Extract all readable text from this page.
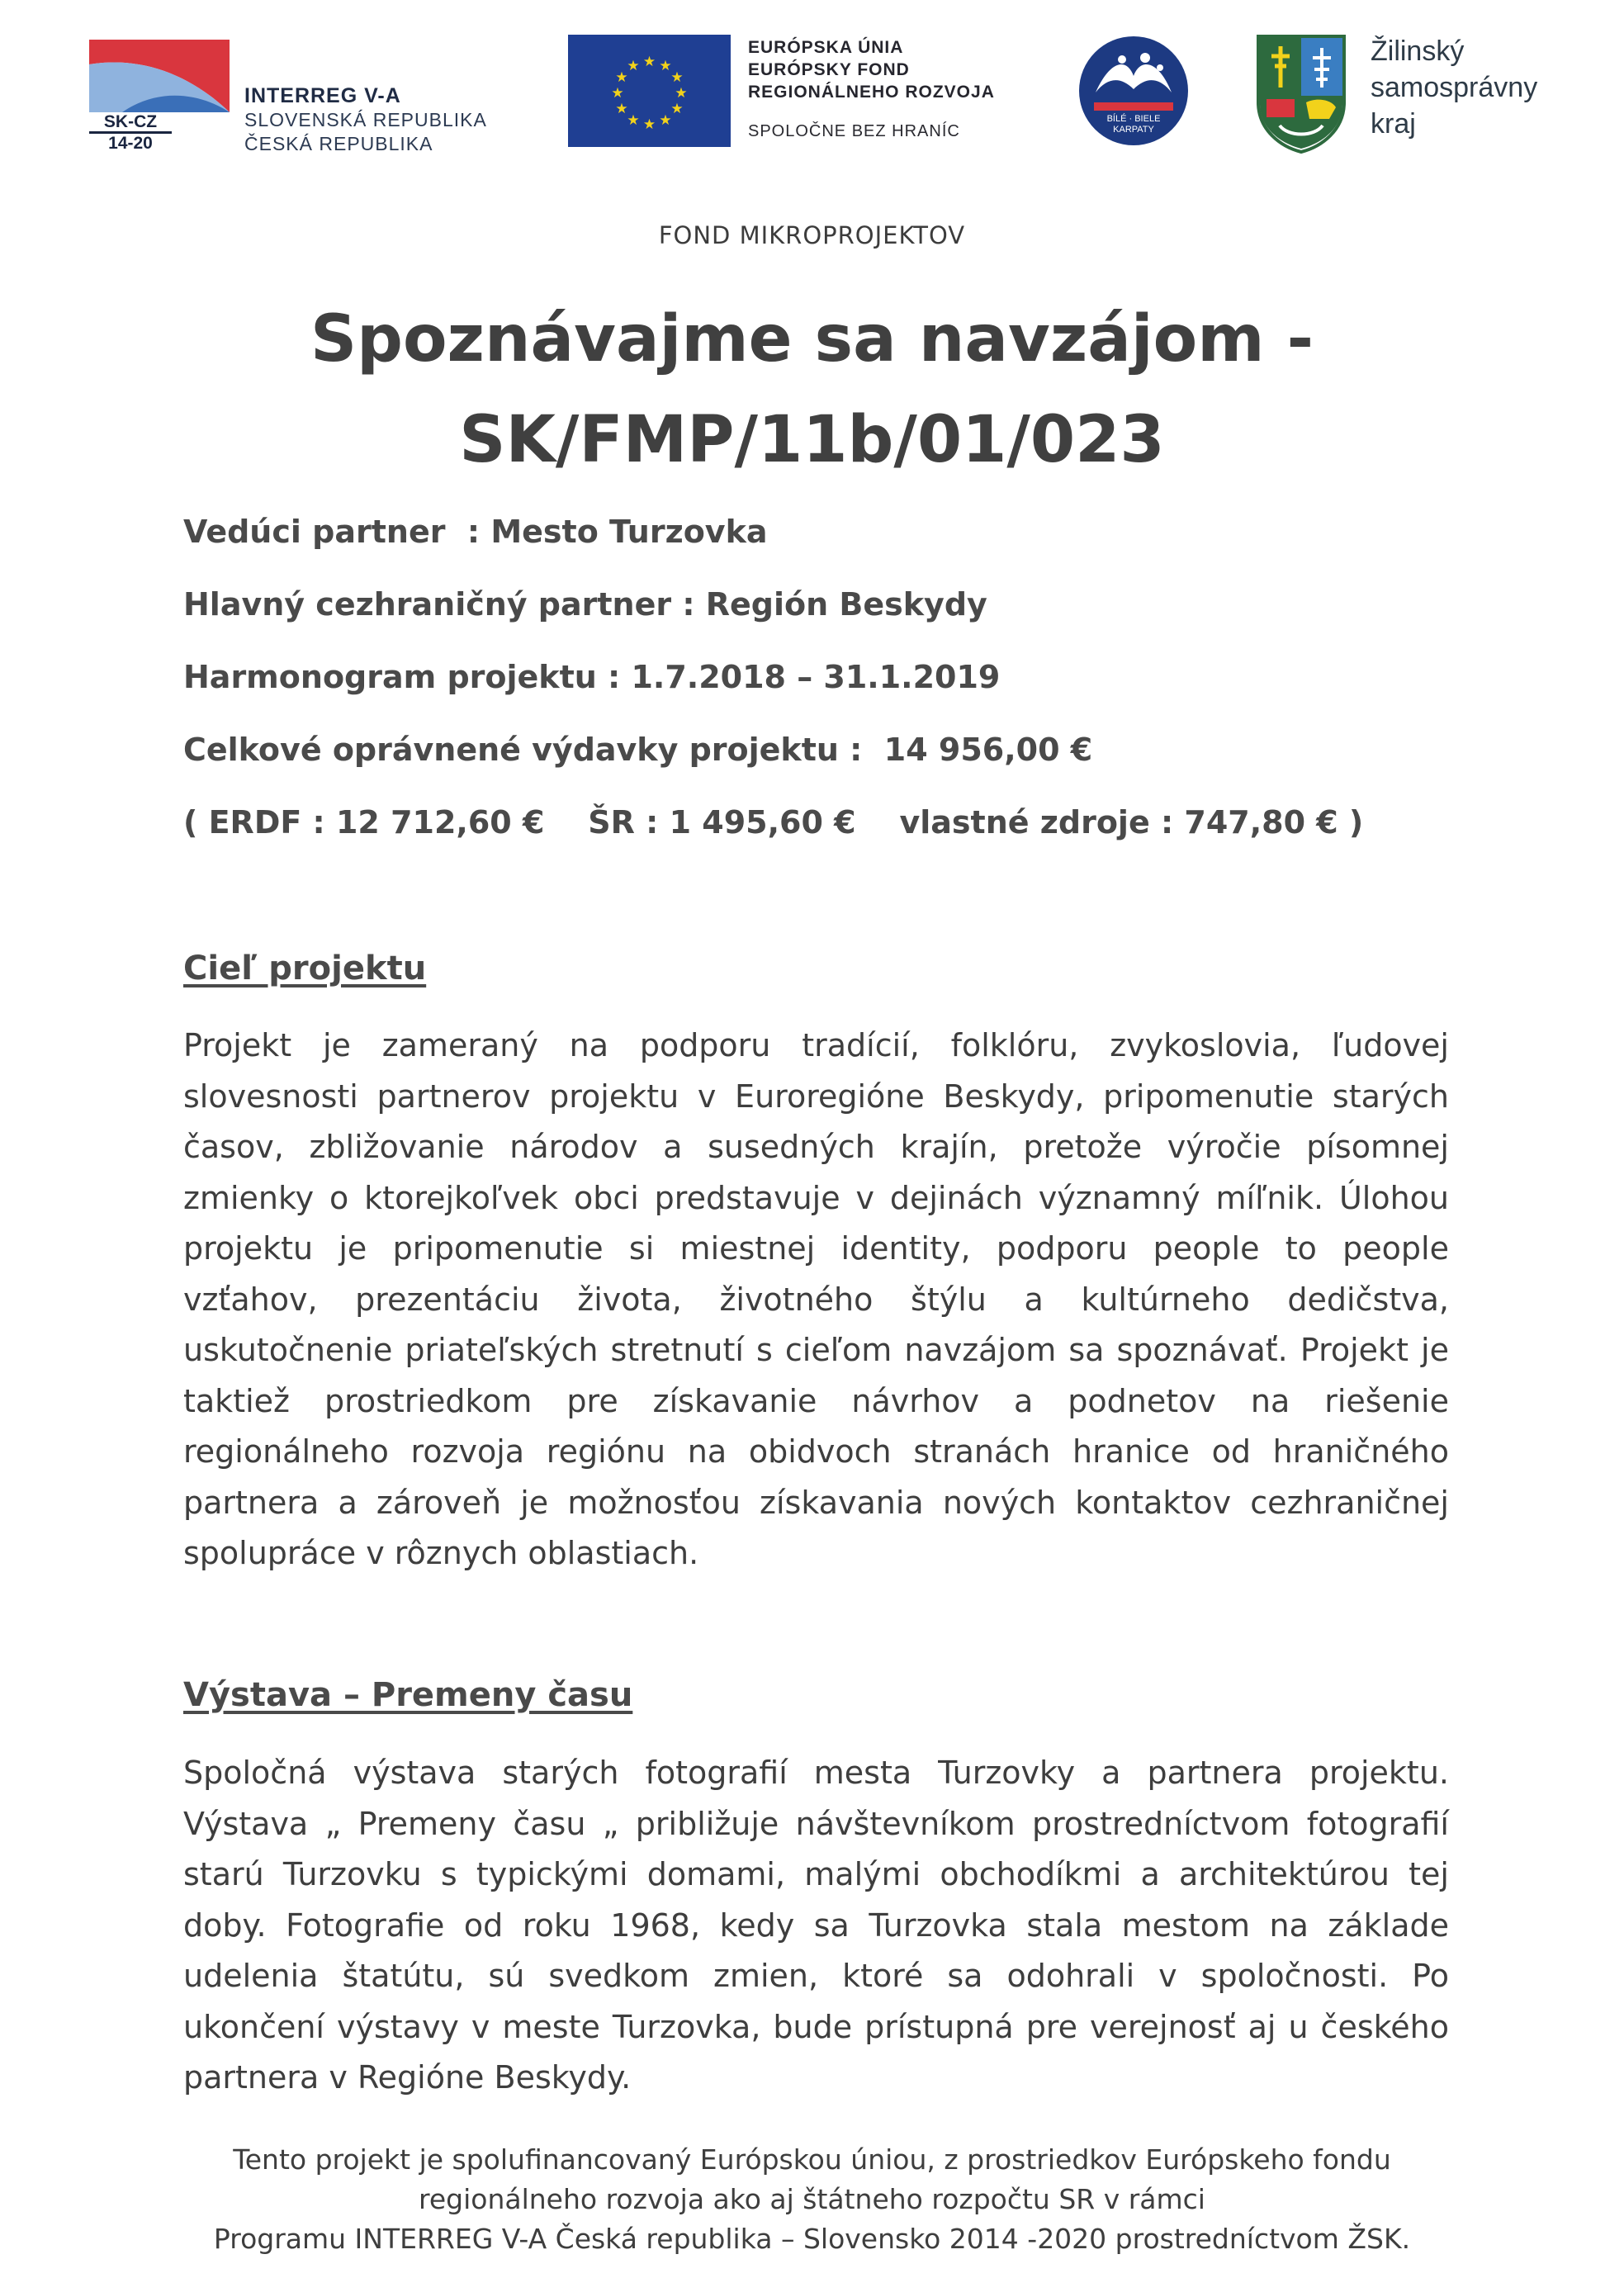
SK-CZ
14-20
INTERREG V-A
SLOVENSKÁ REPUBLIKA
ČESKÁ REPUBLIKA
★ ★
★
★
★
★
★
★
★
★
★
★
EURÓPSKA ÚNIA
EURÓPSKY FOND
REGIONÁLNEHO ROZVOJA
SPOLOČNE BEZ HRANÍC
BÍLÉ · BIELE
KARPATY
Žilinský
samosprávny
kraj
FOND MIKROPROJEKTOV
Spoznávajme sa navzájom -
SK/FMP/11b/01/023
Vedúci partner  : Mesto Turzovka
Hlavný cezhraničný partner : Región Beskydy
Harmonogram projektu : 1.7.2018 – 31.1.2019
Celkové oprávnené výdavky projektu :  14 956,00 €
( ERDF : 12 712,60 €    ŠR : 1 495,60 €    vlastné zdroje : 747,80 € )
Cieľ projektu
Projekt je zameraný na podporu tradícií, folklóru, zvykoslovia, ľudovej slovesnosti partnerov projektu v Euroregióne Beskydy, pripomenutie starých časov, zbližovanie národov a susedných krajín, pretože výročie písomnej zmienky o ktorejkoľvek obci predstavuje v dejinách významný míľnik. Úlohou projektu je pripomenutie si miestnej identity, podporu people to people vzťahov, prezentáciu života, životného štýlu a kultúrneho dedičstva, uskutočnenie priateľských stretnutí s cieľom navzájom sa spoznávať. Projekt je taktiež prostriedkom pre získavanie návrhov a podnetov na riešenie regionálneho rozvoja regiónu na obidvoch stranách hranice od hraničného partnera a zároveň je možnosťou získavania nových kontaktov cezhraničnej spolupráce v rôznych oblastiach.
Výstava – Premeny času
Spoločná výstava starých fotografií mesta Turzovky a partnera projektu. Výstava „ Premeny času „ približuje návštevníkom prostredníctvom fotografií starú Turzovku s typickými domami, malými obchodíkmi a architektúrou tej doby. Fotografie od roku 1968, kedy sa Turzovka stala mestom na základe udelenia štatútu, sú svedkom zmien, ktoré sa odohrali v spoločnosti. Po ukončení výstavy v meste Turzovka, bude prístupná pre verejnosť aj u českého partnera v Regióne Beskydy.
Tento projekt je spolufinancovaný Európskou úniou, z prostriedkov Európskeho fondu
regionálneho rozvoja ako aj štátneho rozpočtu SR v rámci
Programu INTERREG V-A Česká republika – Slovensko 2014 -2020 prostredníctvom ŽSK.
